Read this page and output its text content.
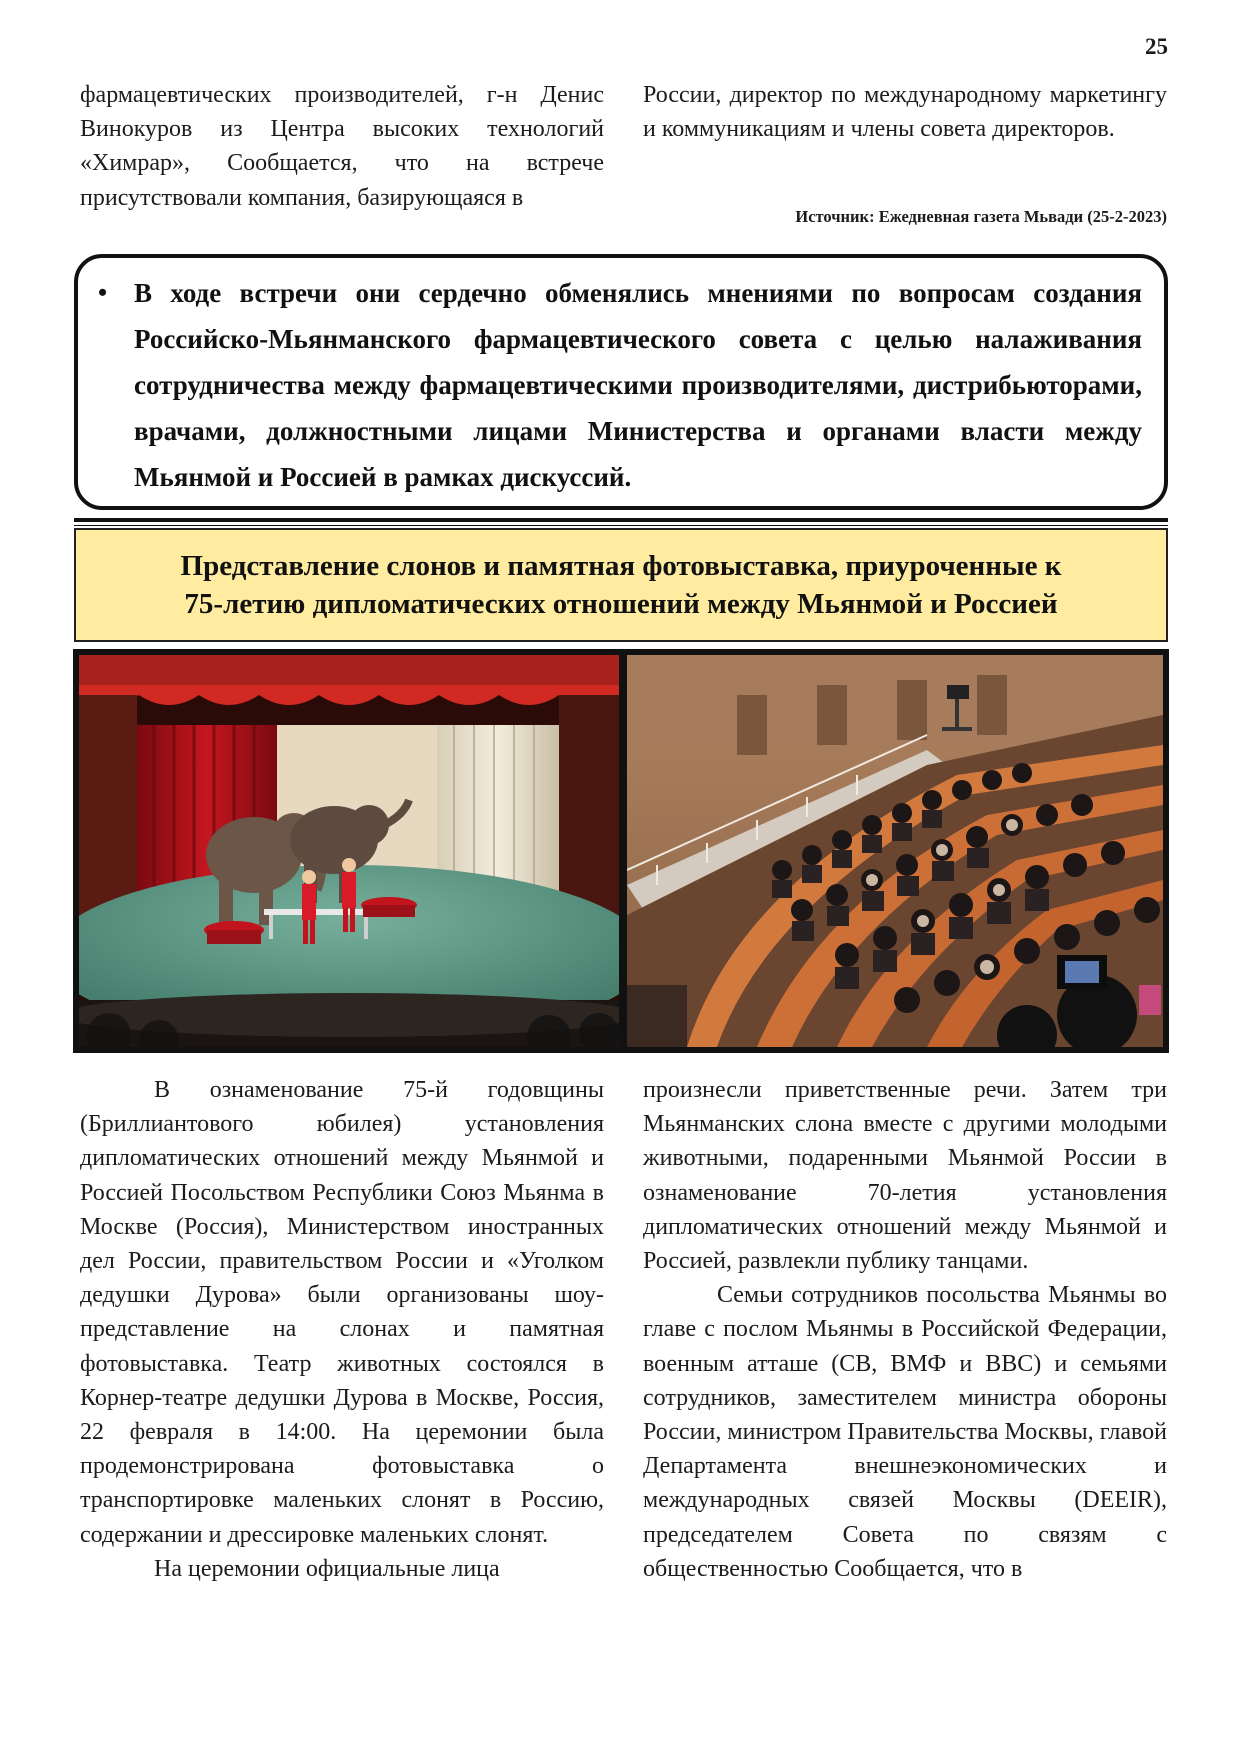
25

фармацевтических производителей, г-н Денис Винокуров из Центра высоких технологий «Химрар», Сообщается, что на встрече присутствовали компания, базирующаяся в

России, директор по международному маркетингу и коммуникациям и члены совета директоров.

Источник: Ежедневная газета Мьвади (25-2-2023)
• В ходе встречи они сердечно обменялись мнениями по вопросам создания Российско-Мьянманского фармацевтического совета с целью налаживания сотрудничества между фармацевтическими производителями, дистрибьюторами, врачами, должностными лицами Министерства и органами власти между Мьянмой и Россией в рамках дискуссий.
Представление слонов и памятная фотовыставка, приуроченные к 75-летию дипломатических отношений между Мьянмой и Россией

В ознаменование 75-й годовщины (Бриллиантового юбилея) установления дипломатических отношений между Мьянмой и Россией Посольством Республики Союз Мьянма в Москве (Россия), Министерством иностранных дел России, правительством России и «Уголком дедушки Дурова» были организованы шоу-представление на слонах и памятная фотовыставка. Театр животных состоялся в Корнер-театре дедушки Дурова в Москве, Россия, 22 февраля в 14:00. На церемонии была продемонстрирована фотовыставка о транспортировке маленьких слонят в Россию, содержании и дрессировке маленьких слонят.

На церемонии официальные лица

произнесли приветственные речи. Затем три Мьянманских слона вместе с другими молодыми животными, подаренными Мьянмой России в ознаменование 70-летия установления дипломатических отношений между Мьянмой и Россией, развлекли публику танцами.

Семьи сотрудников посольства Мьянмы во главе с послом Мьянмы в Российской Федерации, военным атташе (СВ, ВМФ и ВВС) и семьями сотрудников, заместителем министра обороны России, министром Правительства Москвы, главой Департамента внешнеэкономических и международных связей Москвы (DEEIR), председателем Совета по связям с общественностью Сообщается, что в
